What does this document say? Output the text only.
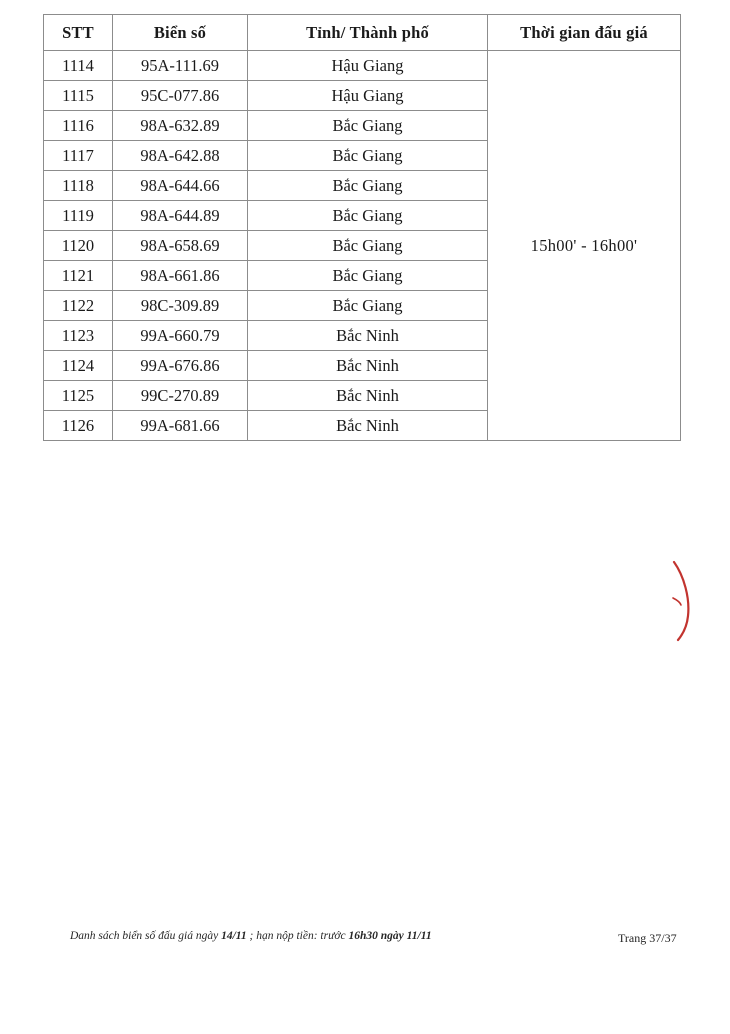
STT	Biển số	Tỉnh/ Thành phố	Thời gian đấu giá
1114	95A-111.69	Hậu Giang	15h00' - 16h00'
1115	95C-077.86	Hậu Giang	
1116	98A-632.89	Bắc Giang	
1117	98A-642.88	Bắc Giang	
1118	98A-644.66	Bắc Giang	
1119	98A-644.89	Bắc Giang	
1120	98A-658.69	Bắc Giang	
1121	98A-661.86	Bắc Giang	
1122	98C-309.89	Bắc Giang	
1123	99A-660.79	Bắc Ninh	
1124	99A-676.86	Bắc Ninh	
1125	99C-270.89	Bắc Ninh	
1126	99A-681.66	Bắc Ninh	
Danh sách biển số đấu giá ngày 14/11 ; hạn nộp tiền: trước 16h30 ngày 11/11	Trang 37/37
